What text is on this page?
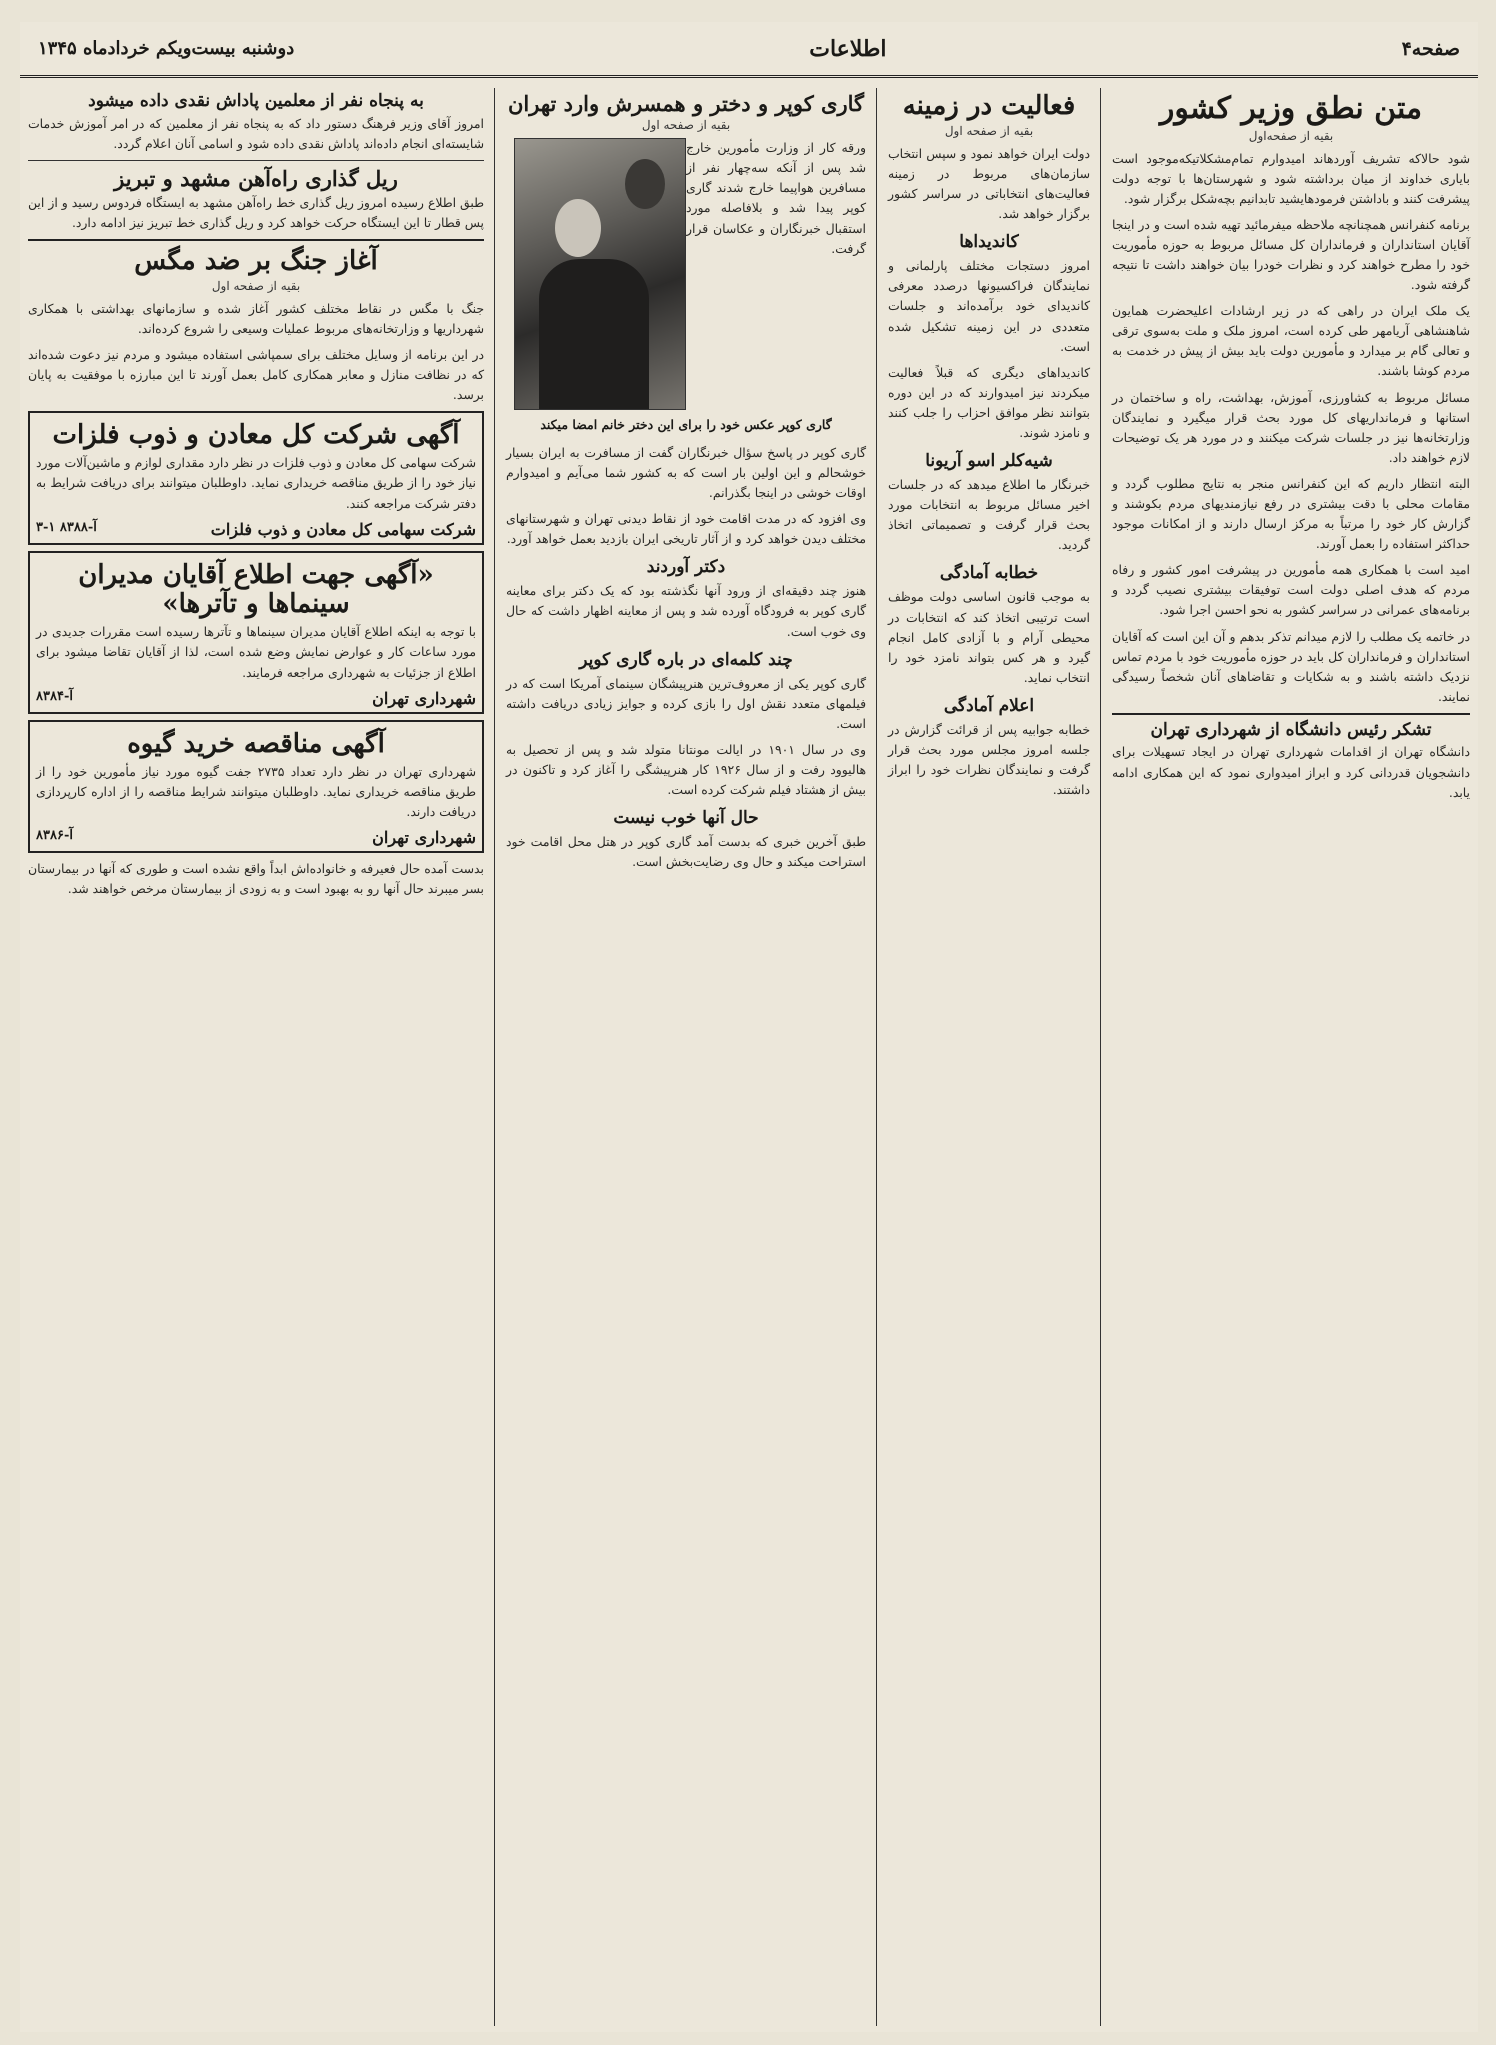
صفحه۴
اطلاعات
دوشنبه بیست‌ویکم خردادماه ۱۳۴۵
متن نطق وزیر کشور
بقیه از صفحه‌اول

شود حالاکه تشریف آوردهاند امیدوارم تمام‌مشکلاتیکه‌موجود است با‌یاری خداوند از میان برداشته شود و شهرستان‌ها با توجه دولت پیشرفت کنند و باداشتن فرمودهایشید تابدانیم بچه‌شکل برگزار شود.

برنامه کنفرانس همچنانچه ملاحظه میفرمائید تهیه‌ شده است و در اینجا آقایان استانداران و فرمانداران کل مسائل مربوط به حوزه مأموریت خود را مطرح خواهند کرد و نظرات خودرا بیان خواهند داشت تا نتیجه گرفته شود.

یک ملک ایران در راهی که در زیر ارشادات اعلیحضرت همایون شاهنشاهی آریامهر طی کرده است، امروز ملک و ملت به‌سوی ترقی و تعالی گام بر میدارد و مأمورین دولت باید بیش از پیش در خدمت به مردم کوشا باشند.

مسائل مربوط به کشاورزی، آموزش، بهداشت، راه و ساختمان در استانها و فرمانداریهای کل مورد بحث قرار میگیرد و نمایندگان وزارتخانه‌ها نیز در جلسات شرکت میکنند و در مورد هر یک توضیحات لازم خواهند داد.

البته انتظار داریم که این کنفرانس منجر به نتایج مطلوب گردد و مقامات محلی با دقت بیشتری در رفع نیازمندیهای مردم بکوشند و گزارش کار خود را مرتباً به مرکز ارسال دارند و از امکانات موجود حداکثر استفاده را بعمل آورند.

امید است با همکاری همه مأمورین در پیشرفت امور کشور و رفاه مردم که هدف اصلی دولت است توفیقات بیشتری نصیب گردد و برنامه‌های عمرانی در سراسر کشور به نحو احسن اجرا شود.

در خاتمه یک مطلب را لازم میدانم تذکر بدهم و آن این است که آقایان استانداران و فرمانداران کل باید در حوزه مأموریت خود با مردم تماس نزدیک داشته باشند و به شکایات و تقاضاهای آنان شخصاً رسیدگی نمایند.

تشکر رئیس دانشگاه از شهرداری تهران

دانشگاه تهران از اقدامات شهرداری تهران در ایجاد تسهیلات برای دانشجویان قدردانی کرد و ابراز امیدواری نمود که این همکاری ادامه یابد.

فعالیت در زمینه
بقیه از صفحه اول

دولت ایران خواهد نمود و سپس انتخاب سازمان‌های مربوط در زمینه‌ فعالیت‌های انتخاباتی در سراسر کشور برگزار خواهد شد.

کاندیداها

امروز دستجات مختلف پارلمانی و نمایندگان فراکسیونها درصدد معرفی کاندیدای خود برآمده‌اند و جلسات متعددی در این زمینه تشکیل شده است.

کاندیداهای دیگری که قبلاً فعالیت میکردند نیز امیدوارند که در این دوره بتوانند نظر موافق احزاب را جلب کنند و نامزد شوند.

شیه‌کلر اسو آریونا

خبرنگار ما اطلاع میدهد که در جلسات اخیر مسائل مربوط به انتخابات مورد بحث قرار گرفت و تصمیماتی اتخاذ گردید.

خطابه آمادگی

به موجب قانون اساسی دولت موظف است ترتیبی اتخاذ کند که انتخابات در محیطی آرام و با آزادی کامل انجام گیرد و هر کس بتواند نامزد خود را انتخاب نماید.

اعلام آمادگی

خطابه جوابیه پس از قرائت گزارش در جلسه امروز مجلس مورد بحث قرار گرفت و نمایندگان نظرات خود را ابراز داشتند.

گاری کوپر و دختر و همسرش وارد تهران
بقیه از صفحه اول

ورقه کار از وزارت مأمورین خارج شد پس از آنکه سه‌چهار نفر از مسافرین هواپیما خارج شدند گاری کوپر پیدا شد و بلافاصله مورد استقبال خبرنگاران و عکاسان قرار گرفت.

گاری کوپر عکس خود را برای این دختر خانم امضا میکند

گاری کوپر در پاسخ سؤال خبرنگاران گفت از مسافرت به ایران بسیار خوشحالم و این اولین بار است که به کشور شما می‌آیم و امیدوارم اوقات خوشی در اینجا بگذرانم.

وی افزود که در مدت اقامت خود از نقاط دیدنی تهران و شهرستانهای مختلف دیدن خواهد کرد و از آثار تاریخی ایران بازدید بعمل خواهد آورد.

دکتر آوردند

هنوز چند دقیقه‌ای از ورود آنها نگذشته بود که یک دکتر برای معاینه گاری کوپر به فرودگاه آورده شد و پس از معاینه اظهار داشت که حال وی خوب است.

چند کلمه‌ای در باره گاری کوپر

گاری کوپر یکی از معروف‌ترین هنرپیشگان سینمای آمریکا است که در فیلمهای متعدد نقش اول را بازی کرده و جوایز زیادی دریافت داشته است.

وی در سال ۱۹۰۱ در ایالت مونتانا متولد شد و پس از تحصیل به هالیوود رفت و از سال ۱۹۲۶ کار هنرپیشگی را آغاز کرد و تاکنون در بیش از هشتاد فیلم شرکت کرده است.

حال آنها خوب نیست

طبق آخرین خبری که بدست آمد گاری کوپر در هتل محل اقامت خود استراحت میکند و حال وی رضایت‌بخش است.

به پنجاه نفر از معلمین پاداش نقدی داده میشود

امروز آقای وزیر فرهنگ دستور داد که به پنجاه نفر از معلمین که در امر آموزش خدمات شایسته‌ای انجام داده‌اند پاداش نقدی داده شود و اسامی آنان اعلام گردد.

ریل گذاری راه‌آهن مشهد و تبریز

طبق اطلاع رسیده امروز ریل گذاری خط راه‌آهن مشهد به ایستگاه فردوس رسید و از این پس قطار تا این ایستگاه حرکت خواهد کرد و ریل گذاری خط تبریز نیز ادامه دارد.

آغاز جنگ بر ضد مگس
بقیه از صفحه اول

جنگ با مگس در نقاط مختلف کشور آغاز شده و سازمانهای بهداشتی با همکاری شهرداریها و وزارتخانه‌های مربوط عملیات وسیعی را شروع کرده‌اند.

در این برنامه از وسایل مختلف برای سمپاشی استفاده میشود و مردم نیز دعوت شده‌اند که در نظافت منازل و معابر همکاری کامل بعمل آورند تا این مبارزه با موفقیت به پایان برسد.

آگهی شرکت کل معادن و ذوب فلزات

شرکت سهامی کل معادن و ذوب فلزات در نظر دارد مقداری لوازم و ماشین‌آلات مورد نیاز خود را از طریق مناقصه خریداری نماید. داوطلبان میتوانند برای دریافت شرایط به دفتر شرکت مراجعه کنند.

شرکت سهامی کل معادن و ذوب فلزات
آ-۸۳۸۸ ۱-۳
«آگهی جهت اطلاع آقایان مدیران سینماها و تآترها»

با توجه به اینکه اطلاع آقایان مدیران سینماها و تآترها رسیده است مقررات جدیدی در مورد ساعات کار و عوارض نمایش وضع شده است، لذا از آقایان تقاضا میشود برای اطلاع از جزئیات به شهرداری مراجعه فرمایند.

شهرداری تهران
آ-۸۳۸۴
آگهی مناقصه خرید گیوه

شهرداری تهران در نظر دارد تعداد ۲۷۳۵ جفت گیوه مورد نیاز مأمورین خود را از طریق مناقصه خریداری نماید. داوطلبان میتوانند شرایط مناقصه را از اداره کارپردازی دریافت دارند.

شهرداری تهران
آ-۸۳۸۶

بدست آمده حال فعیرفه و خانواده‌اش ابداً واقع نشده است و طوری که آنها در بیمارستان بسر میبرند حال آنها رو به بهبود است و به زودی از بیمارستان مرخص خواهند شد.
